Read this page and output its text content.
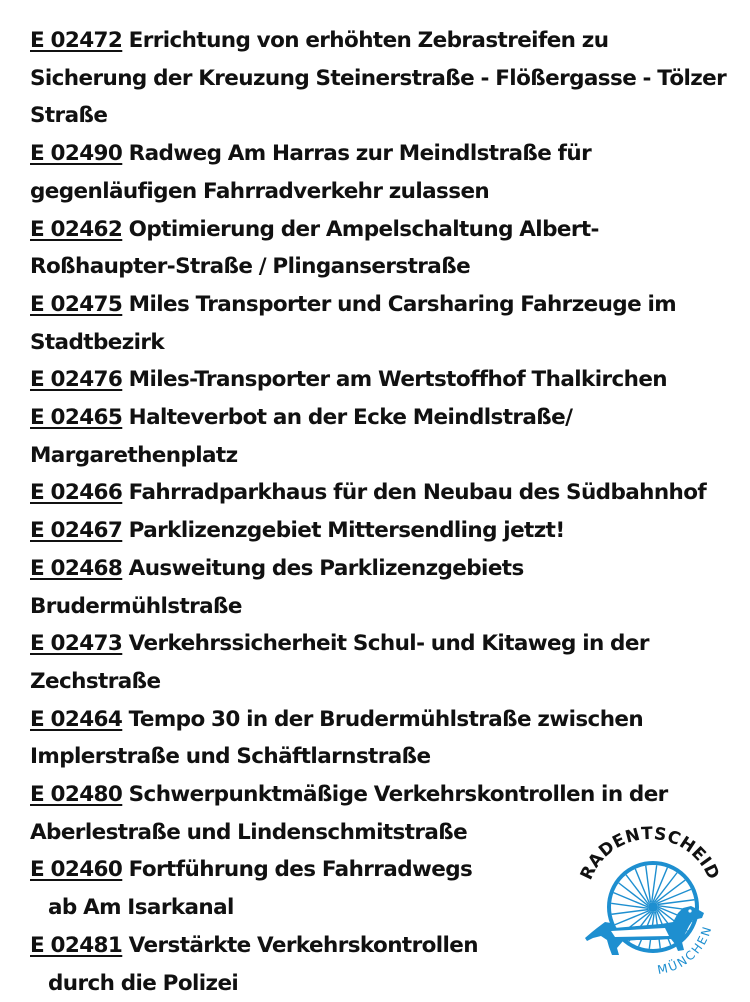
E 02472 Errichtung von erhöhten Zebrastreifen zu Sicherung der Kreuzung Steinerstraße - Flößergasse - Tölzer Straße
E 02490 Radweg Am Harras zur Meindlstraße für gegenläufigen Fahrradverkehr zulassen
E 02462 Optimierung der Ampelschaltung Albert-Roßhaupter-Straße / Plinganserstraße
E 02475 Miles Transporter und Carsharing Fahrzeuge im Stadtbezirk
E 02476 Miles-Transporter am Wertstoffhof Thalkirchen
E 02465 Halteverbot an der Ecke Meindlstraße/ Margarethenplatz
E 02466 Fahrradparkhaus für den Neubau des Südbahnhof
E 02467 Parklizenzgebiet Mittersendling jetzt!
E 02468 Ausweitung des Parklizenzgebiets Brudermühlstraße
E 02473 Verkehrssicherheit Schul- und Kitaweg in der Zechstraße
E 02464 Tempo 30 in der Brudermühlstraße zwischen Implerstraße und Schäftlarnstraße
E 02480 Schwerpunktmäßige Verkehrskontrollen in der Aberlestraße und Lindenschmitstraße
E 02460 Fortführung des Fahrradwegs
ab Am Isarkanal
E 02481 Verstärkte Verkehrskontrollen
durch die Polizei
RADENTSCHEID
MÜNCHEN
